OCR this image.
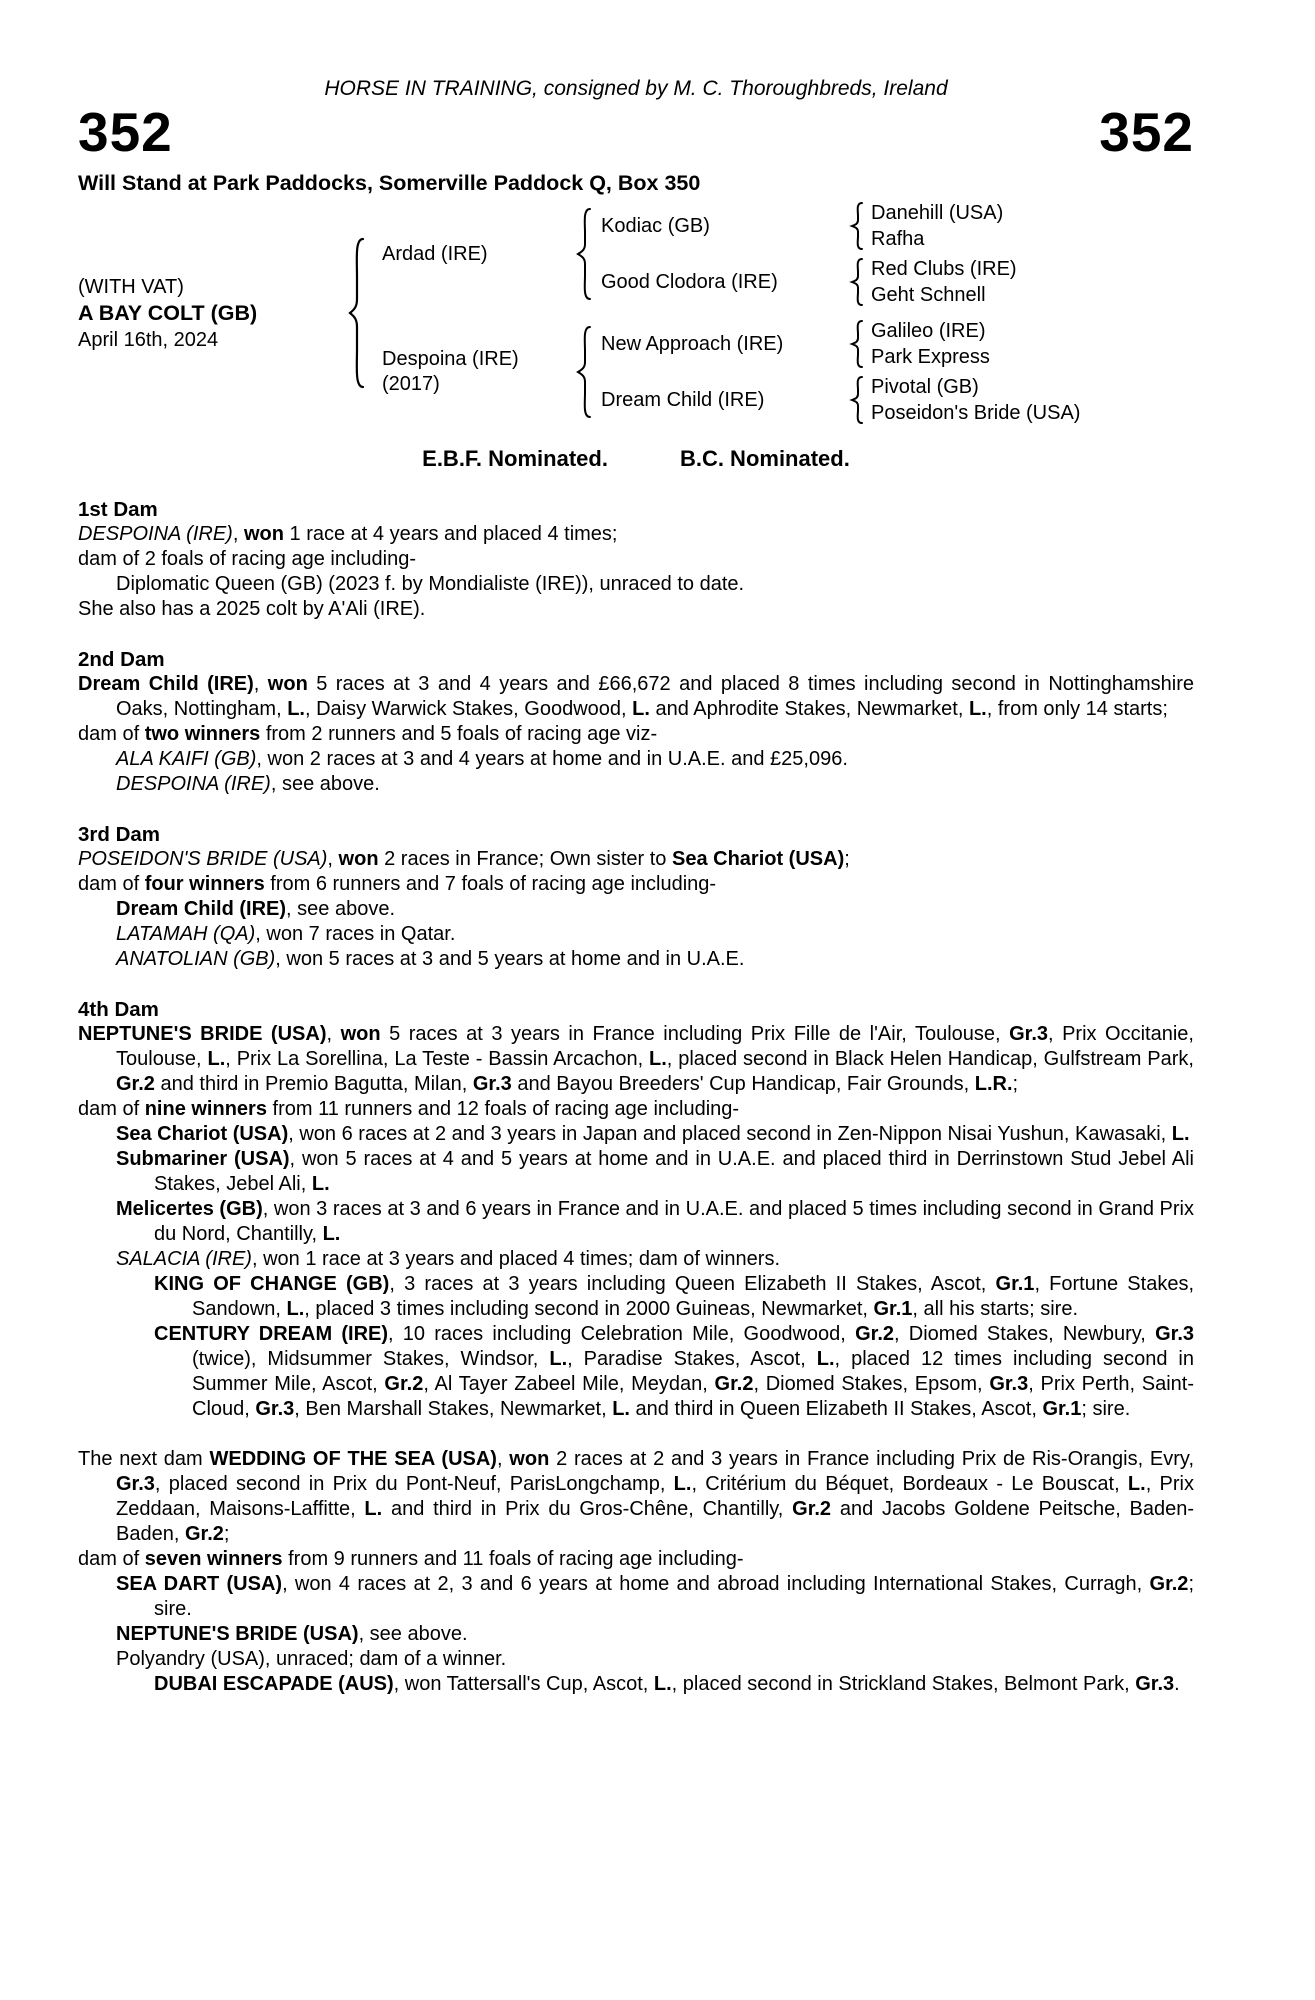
HORSE IN TRAINING, consigned by M. C. Thoroughbreds, Ireland
352	352
Will Stand at Park Paddocks, Somerville Paddock Q, Box 350
(WITH VAT)
A BAY COLT (GB)
April 16th, 2024
Ardad (IRE)
Kodiac (GB)
Danehill (USA)
Rafha
Good Clodora (IRE)
Red Clubs (IRE)
Geht Schnell
Despoina (IRE)
(2017)
New Approach (IRE)
Galileo (IRE)
Park Express
Dream Child (IRE)
Pivotal (GB)
Poseidon's Bride (USA)
E.B.F. Nominated.	B.C. Nominated.
1st Dam

DESPOINA (IRE), won 1 race at 4 years and placed 4 times;

dam of 2 foals of racing age including-

Diplomatic Queen (GB) (2023 f. by Mondialiste (IRE)), unraced to date.

She also has a 2025 colt by A'Ali (IRE).

2nd Dam

Dream Child (IRE), won 5 races at 3 and 4 years and £66,672 and placed 8 times including second in Nottinghamshire Oaks, Nottingham, L., Daisy Warwick Stakes, Goodwood, L. and Aphrodite Stakes, Newmarket, L., from only 14 starts;

dam of two winners from 2 runners and 5 foals of racing age viz-

ALA KAIFI (GB), won 2 races at 3 and 4 years at home and in U.A.E. and £25,096.

DESPOINA (IRE), see above.

3rd Dam

POSEIDON'S BRIDE (USA), won 2 races in France; Own sister to Sea Chariot (USA);

dam of four winners from 6 runners and 7 foals of racing age including-

Dream Child (IRE), see above.

LATAMAH (QA), won 7 races in Qatar.

ANATOLIAN (GB), won 5 races at 3 and 5 years at home and in U.A.E.

4th Dam

NEPTUNE'S BRIDE (USA), won 5 races at 3 years in France including Prix Fille de l'Air, Toulouse, Gr.3, Prix Occitanie, Toulouse, L., Prix La Sorellina, La Teste - Bassin Arcachon, L., placed second in Black Helen Handicap, Gulfstream Park, Gr.2 and third in Premio Bagutta, Milan, Gr.3 and Bayou Breeders' Cup Handicap, Fair Grounds, L.R.;

dam of nine winners from 11 runners and 12 foals of racing age including-

Sea Chariot (USA), won 6 races at 2 and 3 years in Japan and placed second in Zen-Nippon Nisai Yushun, Kawasaki, L.

Submariner (USA), won 5 races at 4 and 5 years at home and in U.A.E. and placed third in Derrinstown Stud Jebel Ali Stakes, Jebel Ali, L.

Melicertes (GB), won 3 races at 3 and 6 years in France and in U.A.E. and placed 5 times including second in Grand Prix du Nord, Chantilly, L.

SALACIA (IRE), won 1 race at 3 years and placed 4 times; dam of winners.

KING OF CHANGE (GB), 3 races at 3 years including Queen Elizabeth II Stakes, Ascot, Gr.1, Fortune Stakes, Sandown, L., placed 3 times including second in 2000 Guineas, Newmarket, Gr.1, all his starts; sire.

CENTURY DREAM (IRE), 10 races including Celebration Mile, Goodwood, Gr.2, Diomed Stakes, Newbury, Gr.3 (twice), Midsummer Stakes, Windsor, L., Paradise Stakes, Ascot, L., placed 12 times including second in Summer Mile, Ascot, Gr.2, Al Tayer Zabeel Mile, Meydan, Gr.2, Diomed Stakes, Epsom, Gr.3, Prix Perth, Saint-Cloud, Gr.3, Ben Marshall Stakes, Newmarket, L. and third in Queen Elizabeth II Stakes, Ascot, Gr.1; sire.

The next dam WEDDING OF THE SEA (USA), won 2 races at 2 and 3 years in France including Prix de Ris-Orangis, Evry, Gr.3, placed second in Prix du Pont-Neuf, ParisLongchamp, L., Critérium du Béquet, Bordeaux - Le Bouscat, L., Prix Zeddaan, Maisons-Laffitte, L. and third in Prix du Gros-Chêne, Chantilly, Gr.2 and Jacobs Goldene Peitsche, Baden-Baden, Gr.2;

dam of seven winners from 9 runners and 11 foals of racing age including-

SEA DART (USA), won 4 races at 2, 3 and 6 years at home and abroad including International Stakes, Curragh, Gr.2; sire.

NEPTUNE'S BRIDE (USA), see above.

Polyandry (USA), unraced; dam of a winner.

DUBAI ESCAPADE (AUS), won Tattersall's Cup, Ascot, L., placed second in Strickland Stakes, Belmont Park, Gr.3.
